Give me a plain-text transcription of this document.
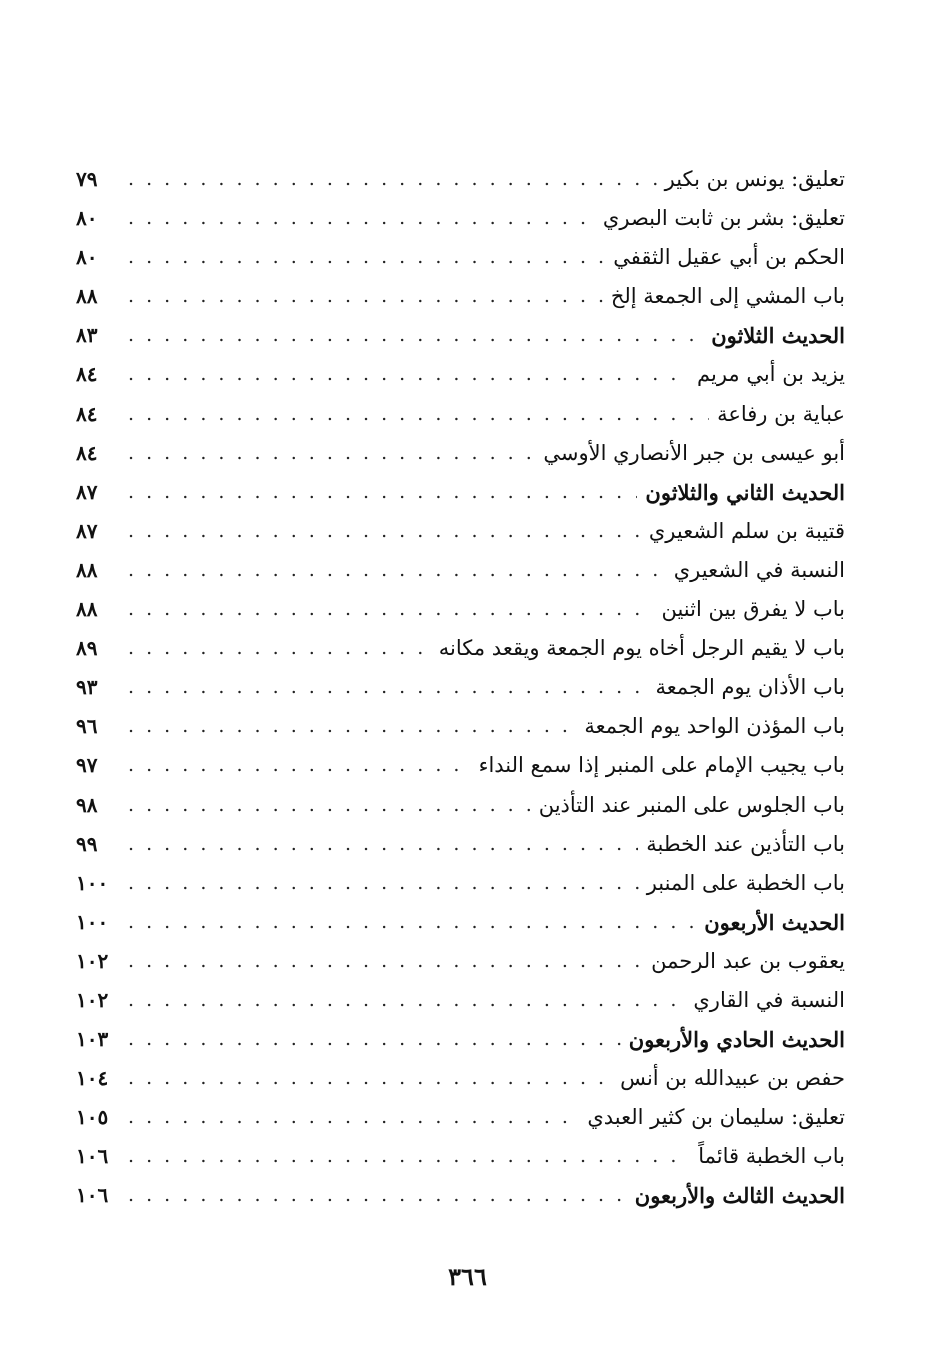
. . .
تعليق: يونس بن بكير
٧٩
. . .
تعليق: بشر بن ثابت البصري
٨٠
. . .
الحكم بن أبي عقيل الثقفي
٨٠
. . .
باب المشي إلى الجمعة إلخ
٨٨
. . .
الحديث الثلاثون
٨٣
. . .
يزيد بن أبي مريم
٨٤
. . .
عباية بن رفاعة
٨٤
. . .
أبو عيسى بن جبر الأنصاري الأوسي
٨٤
. . .
الحديث الثاني والثلاثون
٨٧
. . .
قتيبة بن سلم الشعيري
٨٧
. . .
النسبة في الشعيري
٨٨
. . .
باب لا يفرق بين اثنين
٨٨
. . .
باب لا يقيم الرجل أخاه يوم الجمعة ويقعد مكانه
٨٩
. . .
باب الأذان يوم الجمعة
٩٣
. . .
باب المؤذن الواحد يوم الجمعة
٩٦
. . .
باب يجيب الإمام على المنبر إذا سمع النداء
٩٧
. . .
باب الجلوس على المنبر عند التأذين
٩٨
. . .
باب التأذين عند الخطبة
٩٩
. . .
باب الخطبة على المنبر
١٠٠
. . .
الحديث الأربعون
١٠٠
. . .
يعقوب بن عبد الرحمن
١٠٢
. . .
النسبة في القاري
١٠٢
. . .
الحديث الحادي والأربعون
١٠٣
. . .
حفص بن عبيدالله بن أنس
١٠٤
. . .
تعليق: سليمان بن كثير العبدي
١٠٥
. . .
باب الخطبة قائماً
١٠٦
. . .
الحديث الثالث والأربعون
١٠٦
٣٦٦
